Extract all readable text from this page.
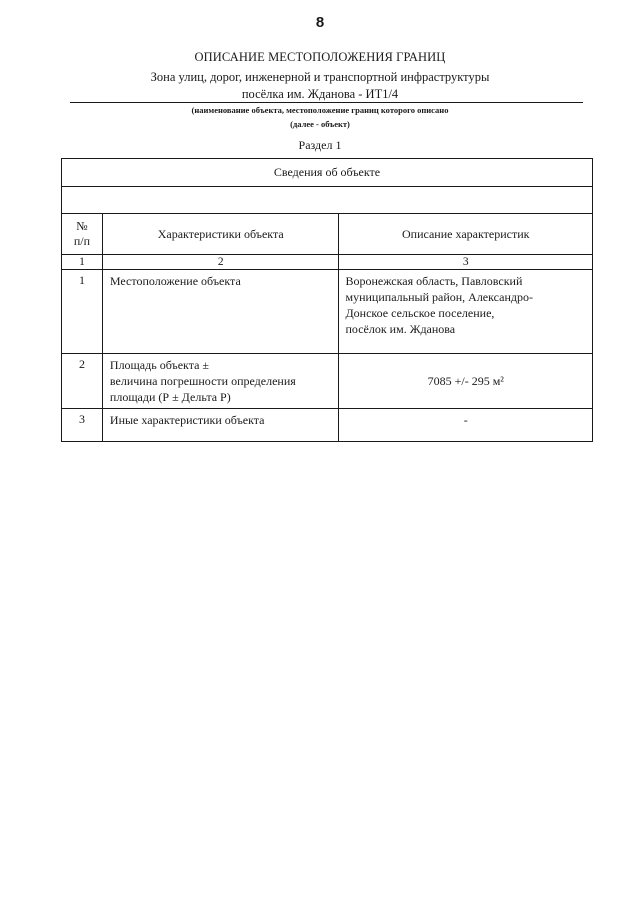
8
ОПИСАНИЕ МЕСТОПОЛОЖЕНИЯ ГРАНИЦ
Зона улиц, дорог, инженерной и транспортной инфраструктуры
посёлка им. Жданова - ИТ1/4
(наименование объекта, местоположение границ которого описано
(далее - объект)
Раздел 1
Сведения об объекте		

№
п/п	Характеристики объекта	Описание характеристик
1	2	3
1	Местоположение объекта	Воронежская область, Павловский
муниципальный район, Александро-
Донское сельское поселение,
посёлок им. Жданова

2	Площадь объекта ±
величина погрешности определения
площади (Р ± Дельта Р)	7085 +/- 295 м²
3	Иные характеристики объекта	-
